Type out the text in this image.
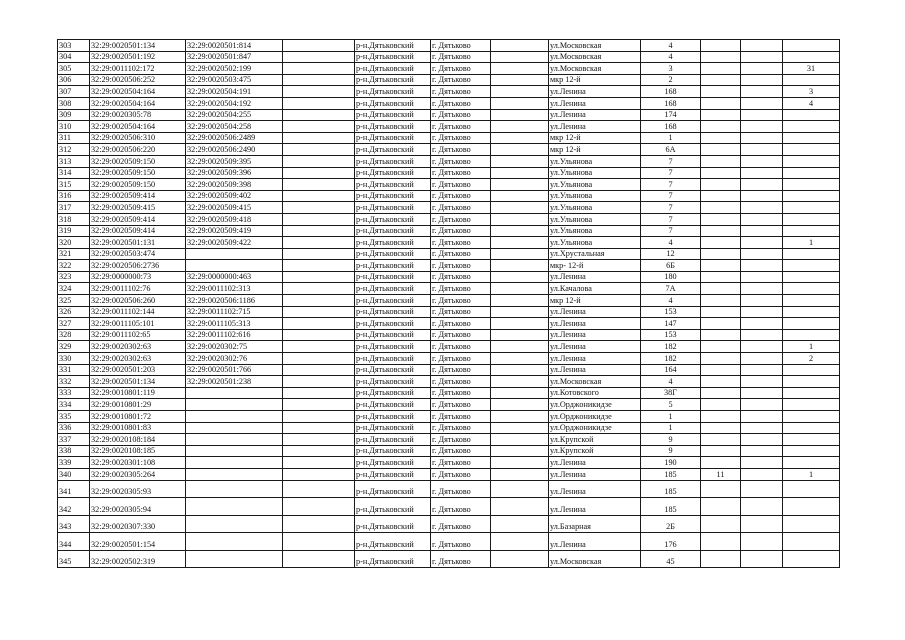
303	32:29:0020501:134	32:29:0020501:814		р-н.Дятьковский	г. Дятьково		ул.Московская	4			
304	32:29:0020501:192	32:29:0020501:847		р-н.Дятьковский	г. Дятьково		ул.Московская	4			
305	32:29:0011102:172	32:29:0020502:199		р-н.Дятьковский	г. Дятьково		ул.Московская	3			31
306	32:29:0020506:252	32:29:0020503:475		р-н.Дятьковский	г. Дятьково		мкр 12-й	2			
307	32:29:0020504:164	32:29:0020504:191		р-н.Дятьковский	г. Дятьково		ул.Ленина	168			3
308	32:29:0020504:164	32:29:0020504:192		р-н.Дятьковский	г. Дятьково		ул.Ленина	168			4
309	32:29:0020305:78	32:29:0020504:255		р-н.Дятьковский	г. Дятьково		ул.Ленина	174			
310	32:29:0020504:164	32:29:0020504:258		р-н.Дятьковский	г. Дятьково		ул.Ленина	168			
311	32:29:0020506:310	32:29:0020506:2489		р-н.Дятьковский	г. Дятьково		мкр 12-й	1			
312	32:29:0020506:220	32:29:0020506:2490		р-н.Дятьковский	г. Дятьково		мкр 12-й	6А			
313	32:29:0020509:150	32:29:0020509:395		р-н.Дятьковский	г. Дятьково		ул.Ульянова	7			
314	32:29:0020509:150	32:29:0020509:396		р-н.Дятьковский	г. Дятьково		ул.Ульянова	7			
315	32:29:0020509:150	32:29:0020509:398		р-н.Дятьковский	г. Дятьково		ул.Ульянова	7			
316	32:29:0020509:414	32:29:0020509:402		р-н.Дятьковский	г. Дятьково		ул.Ульянова	7			
317	32:29:0020509:415	32:29:0020509:415		р-н.Дятьковский	г. Дятьково		ул.Ульянова	7			
318	32:29:0020509:414	32:29:0020509:418		р-н.Дятьковский	г. Дятьково		ул.Ульянова	7			
319	32:29:0020509:414	32:29:0020509:419		р-н.Дятьковский	г. Дятьково		ул.Ульянова	7			
320	32:29:0020501:131	32:29:0020509:422		р-н.Дятьковский	г. Дятьково		ул.Ульянова	4			1
321	32:29:0020503:474			р-н.Дятьковский	г. Дятьково		ул.Хрустальная	12			
322	32:29:0020506:2736			р-н.Дятьковский	г. Дятьково		мкр- 12-й	6Б			
323	32:29:0000000:73	32:29:0000000:463		р-н.Дятьковский	г. Дятьково		ул.Ленина	180			
324	32:29:0011102:76	32:29:0011102:313		р-н.Дятьковский	г. Дятьково		ул.Качалова	7А			
325	32:29:0020506:260	32:29:0020506:1186		р-н.Дятьковский	г. Дятьково		мкр 12-й	4			
326	32:29:0011102:144	32:29:0011102:715		р-н.Дятьковский	г. Дятьково		ул.Ленина	153			
327	32:29:0011105:101	32:29:0011105:313		р-н.Дятьковский	г. Дятьково		ул.Ленина	147			
328	32:29:0011102:65	32:29:0011102:616		р-н.Дятьковский	г. Дятьково		ул.Ленина	153			
329	32:29:0020302:63	32:29:0020302:75		р-н.Дятьковский	г. Дятьково		ул.Ленина	182			1
330	32:29:0020302:63	32:29:0020302:76		р-н.Дятьковский	г. Дятьково		ул.Ленина	182			2
331	32:29:0020501:203	32:29:0020501:766		р-н.Дятьковский	г. Дятьково		ул.Ленина	164			
332	32:29:0020501:134	32:29:0020501:238		р-н.Дятьковский	г. Дятьково		ул.Московская	4			
333	32:29:0010801:119			р-н.Дятьковский	г. Дятьково		ул.Котовского	38Г			
334	32:29:0010801:29			р-н.Дятьковский	г. Дятьково		ул.Орджоникидзе	5			
335	32:29:0010801:72			р-н.Дятьковский	г. Дятьково		ул.Орджоникидзе	1			
336	32:29:0010801:83			р-н.Дятьковский	г. Дятьково		ул.Орджоникидзе	1			
337	32:29:0020108:184			р-н.Дятьковский	г. Дятьково		ул.Крупской	9			
338	32:29:0020108:185			р-н.Дятьковский	г. Дятьково		ул.Крупской	9			
339	32:29:0020301:108			р-н.Дятьковский	г. Дятьково		ул.Ленина	190			
340	32:29:0020305:264			р-н.Дятьковский	г. Дятьково		ул.Ленина	185	11		1
341	32:29:0020305:93			р-н.Дятьковский	г. Дятьково		ул.Ленина	185			
342	32:29:0020305:94			р-н.Дятьковский	г. Дятьково		ул.Ленина	185			
343	32:29:0020307:330			р-н.Дятьковский	г. Дятьково		ул.Базарная	2Б			
344	32:29:0020501:154			р-н.Дятьковский	г. Дятьково		ул.Ленина	176			
345	32:29:0020502:319			р-н.Дятьковский	г. Дятьково		ул.Московская	45			
